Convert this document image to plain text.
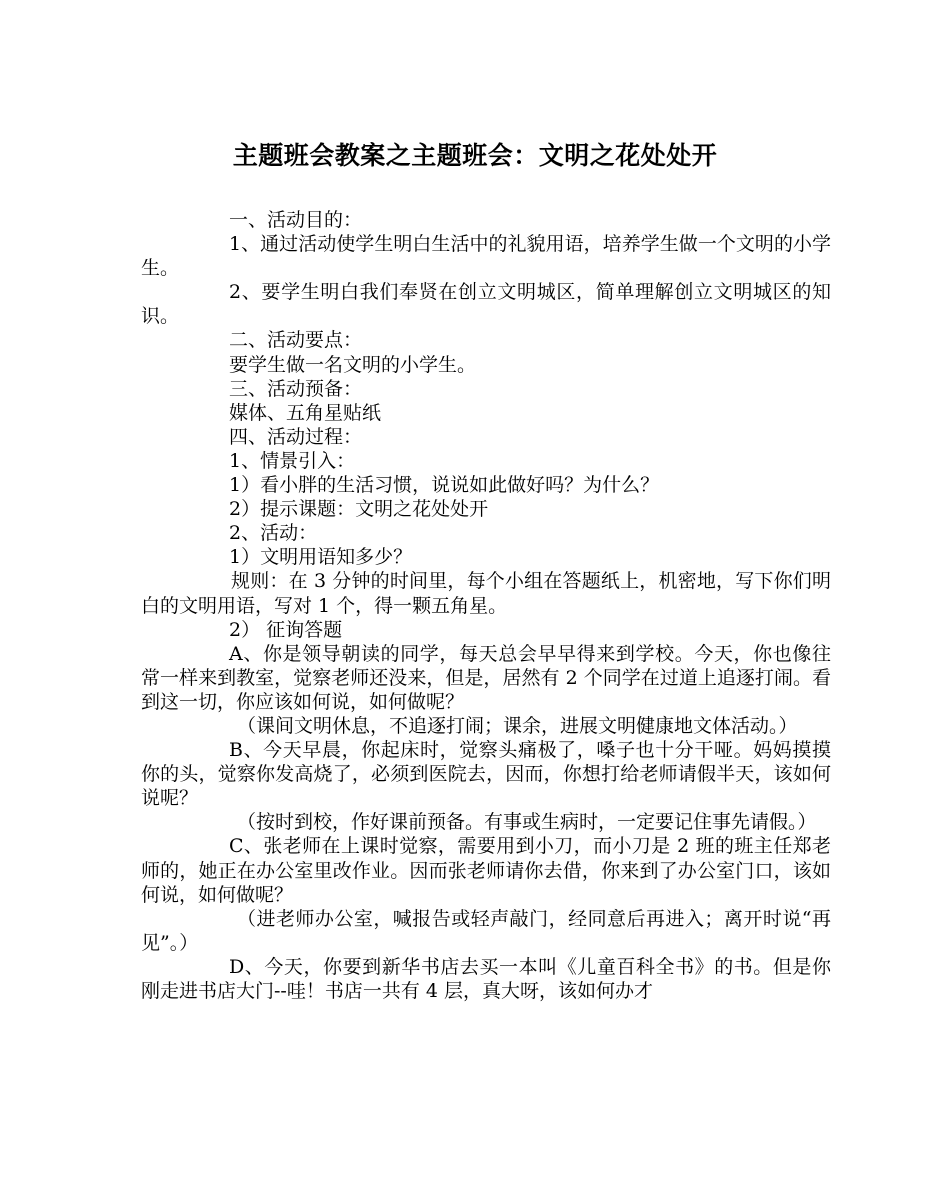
主题班会教案之主题班会：文明之花处处开

一、活动目的：

1、通过活动使学生明白生活中的礼貌用语，培养学生做一个文明的小学生。

2、要学生明白我们奉贤在创立文明城区，简单理解创立文明城区的知识。

二、活动要点：

要学生做一名文明的小学生。

三、活动预备：

媒体、五角星贴纸

四、活动过程：

1、情景引入：

1）看小胖的生活习惯，说说如此做好吗？为什么？

2）提示课题：文明之花处处开

2、活动：

1）文明用语知多少？

规则：在 3 分钟的时间里，每个小组在答题纸上，机密地，写下你们明白的文明用语，写对 1 个，得一颗五角星。

2） 征询答题

A、你是领导朝读的同学，每天总会早早得来到学校。今天，你也像往常一样来到教室，觉察老师还没来，但是，居然有 2 个同学在过道上追逐打闹。看到这一切，你应该如何说，如何做呢？

（课间文明休息，不追逐打闹；课余，进展文明健康地文体活动。）

B、今天早晨，你起床时，觉察头痛极了，嗓子也十分干哑。妈妈摸摸你的头，觉察你发高烧了，必须到医院去，因而，你想打给老师请假半天，该如何说呢？

（按时到校，作好课前预备。有事或生病时，一定要记住事先请假。）

C、张老师在上课时觉察，需要用到小刀，而小刀是 2 班的班主任郑老师的，她正在办公室里改作业。因而张老师请你去借，你来到了办公室门口，该如何说，如何做呢？

（进老师办公室，喊报告或轻声敲门，经同意后再进入；离开时说“再见”。）

D、今天，你要到新华书店去买一本叫《儿童百科全书》的书。但是你刚走进书店大门--哇！书店一共有 4 层，真大呀，该如何办才
